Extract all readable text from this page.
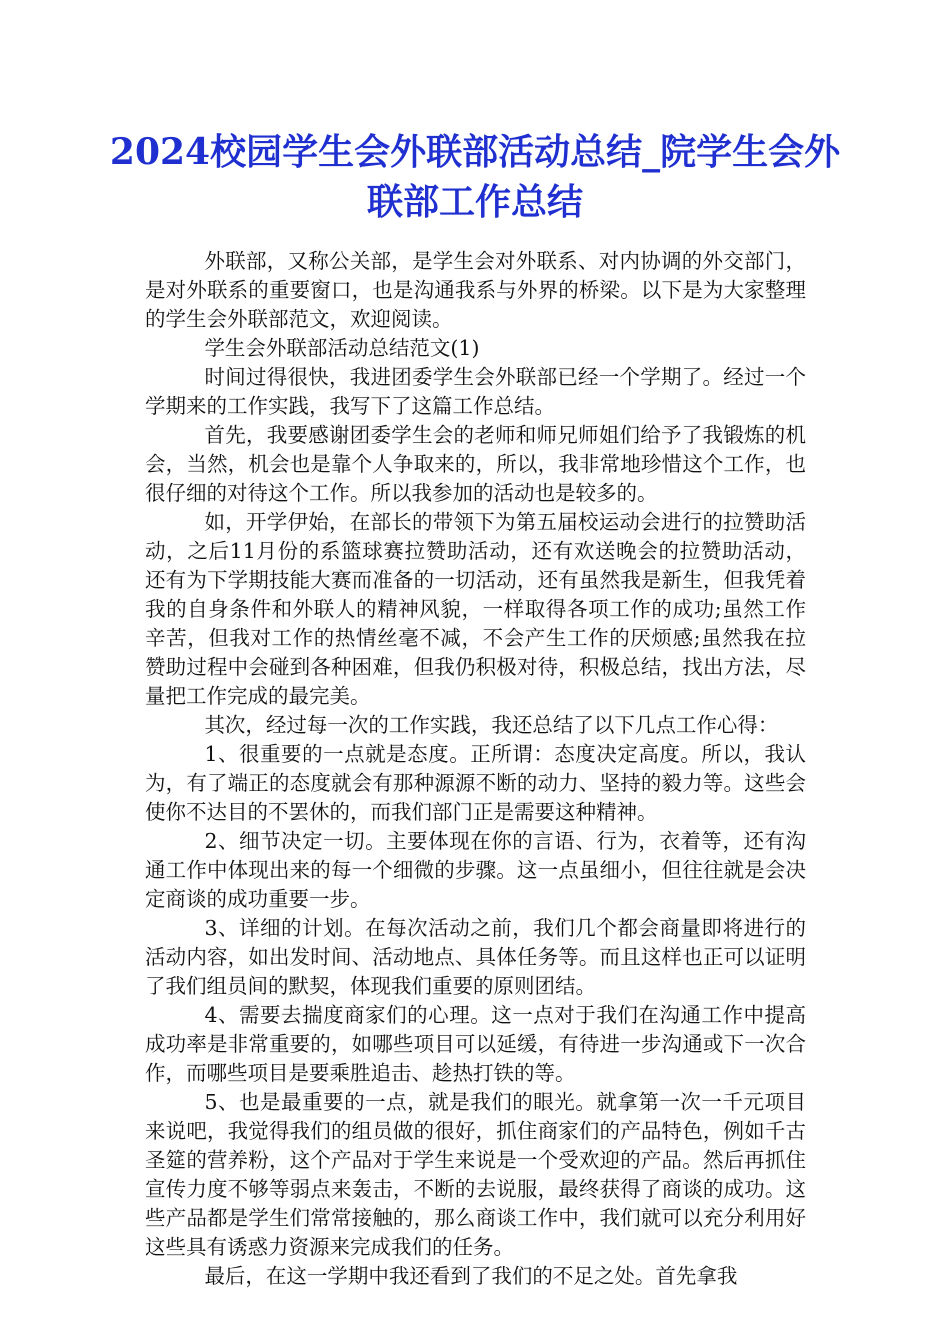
2024校园学生会外联部活动总结_院学生会外联部工作总结

外联部，又称公关部，是学生会对外联系、对内协调的外交部门，是对外联系的重要窗口，也是沟通我系与外界的桥梁。以下是为大家整理的学生会外联部范文，欢迎阅读。

学生会外联部活动总结范文(1)

时间过得很快，我进团委学生会外联部已经一个学期了。经过一个学期来的工作实践，我写下了这篇工作总结。

首先，我要感谢团委学生会的老师和师兄师姐们给予了我锻炼的机会，当然，机会也是靠个人争取来的，所以，我非常地珍惜这个工作，也很仔细的对待这个工作。所以我参加的活动也是较多的。

如，开学伊始，在部长的带领下为第五届校运动会进行的拉赞助活动，之后11月份的系篮球赛拉赞助活动，还有欢送晚会的拉赞助活动，还有为下学期技能大赛而准备的一切活动，还有虽然我是新生，但我凭着我的自身条件和外联人的精神风貌，一样取得各项工作的成功;虽然工作辛苦，但我对工作的热情丝毫不减，不会产生工作的厌烦感;虽然我在拉赞助过程中会碰到各种困难，但我仍积极对待，积极总结，找出方法，尽量把工作完成的最完美。

其次，经过每一次的工作实践，我还总结了以下几点工作心得：

1、很重要的一点就是态度。正所谓：态度决定高度。所以，我认为，有了端正的态度就会有那种源源不断的动力、坚持的毅力等。这些会使你不达目的不罢休的，而我们部门正是需要这种精神。

2、细节决定一切。主要体现在你的言语、行为，衣着等，还有沟通工作中体现出来的每一个细微的步骤。这一点虽细小，但往往就是会决定商谈的成功重要一步。

3、详细的计划。在每次活动之前，我们几个都会商量即将进行的活动内容，如出发时间、活动地点、具体任务等。而且这样也正可以证明了我们组员间的默契，体现我们重要的原则团结。

4、需要去揣度商家们的心理。这一点对于我们在沟通工作中提高成功率是非常重要的，如哪些项目可以延缓，有待进一步沟通或下一次合作，而哪些项目是要乘胜追击、趁热打铁的等。

5、也是最重要的一点，就是我们的眼光。就拿第一次一千元项目来说吧，我觉得我们的组员做的很好，抓住商家们的产品特色，例如千古圣筵的营养粉，这个产品对于学生来说是一个受欢迎的产品。然后再抓住宣传力度不够等弱点来轰击，不断的去说服，最终获得了商谈的成功。这些产品都是学生们常常接触的，那么商谈工作中，我们就可以充分利用好这些具有诱惑力资源来完成我们的任务。

最后，在这一学期中我还看到了我们的不足之处。首先拿我
